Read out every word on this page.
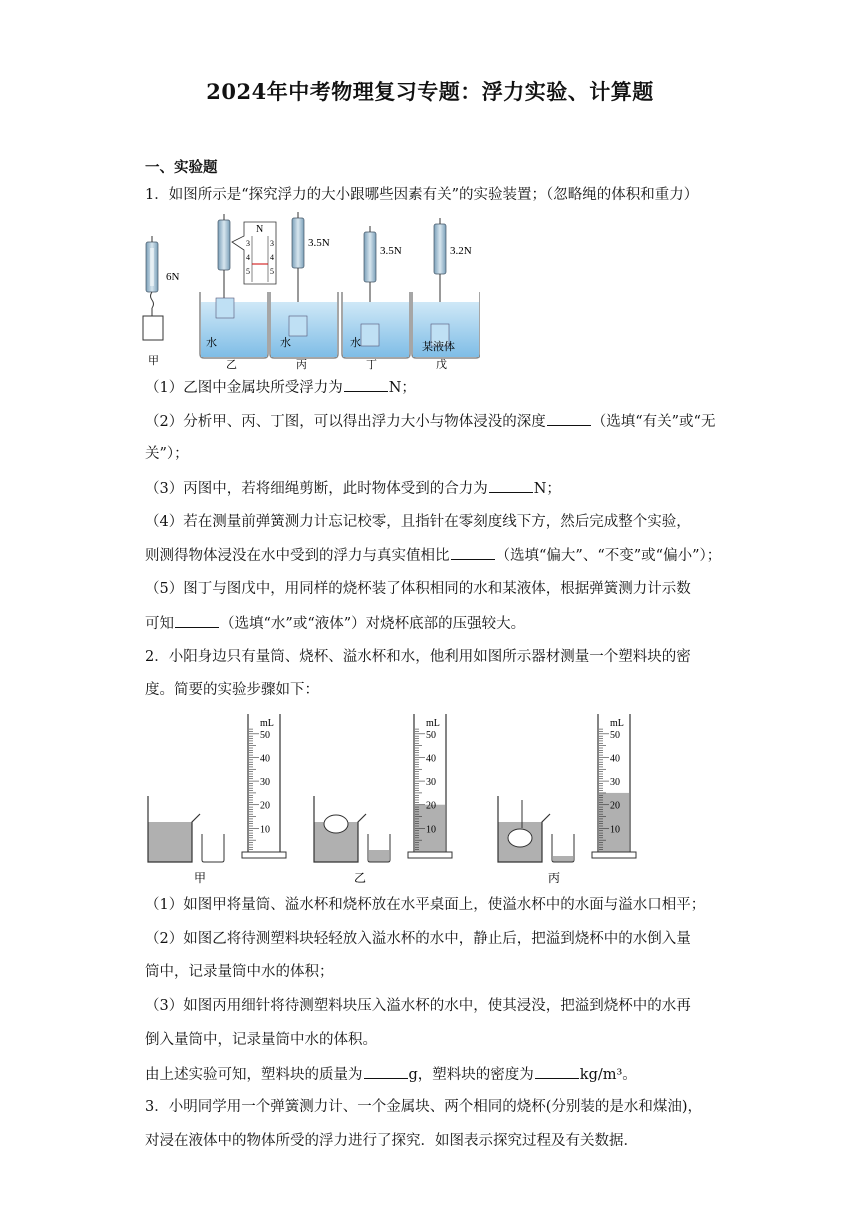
2024年中考物理复习专题：浮力实验、计算题
一、实验题
1．如图所示是“探究浮力的大小跟哪些因素有关”的实验装置；（忽略绳的体积和重力）
6N
甲
N
3
4
5
3
4
5
水
乙
3.5N
水
丙
3.5N
水
丁
3.2N
某液体
戊
（1）乙图中金属块所受浮力为	N；
（2）分析甲、丙、丁图，可以得出浮力大小与物体浸没的深度	（选填“有关”或“无
关”）；
（3）丙图中，若将细绳剪断，此时物体受到的合力为	N；
（4）若在测量前弹簧测力计忘记校零，且指针在零刻度线下方，然后完成整个实验，
则测得物体浸没在水中受到的浮力与真实值相比	（选填“偏大”、“不变”或“偏小”）；
（5）图丁与图戊中，用同样的烧杯装了体积相同的水和某液体，根据弹簧测力计示数
可知	（选填“水”或“液体”）对烧杯底部的压强较大。
2．小阳身边只有量筒、烧杯、溢水杯和水，他利用如图所示器材测量一个塑料块的密
度。简要的实验步骤如下：
甲	乙	丙
mL
50
40
30
20
10
mL
50
40
30
20
10
mL
50
40
30
20
10
（1）如图甲将量筒、溢水杯和烧杯放在水平桌面上，使溢水杯中的水面与溢水口相平；
（2）如图乙将待测塑料块轻轻放入溢水杯的水中，静止后，把溢到烧杯中的水倒入量
筒中，记录量筒中水的体积；
（3）如图丙用细针将待测塑料块压入溢水杯的水中，使其浸没，把溢到烧杯中的水再
倒入量筒中，记录量筒中水的体积。
由上述实验可知，塑料块的质量为	g，塑料块的密度为	kg/m³。
3．小明同学用一个弹簧测力计、一个金属块、两个相同的烧杯(分别装的是水和煤油)，
对浸在液体中的物体所受的浮力进行了探究．如图表示探究过程及有关数据．
